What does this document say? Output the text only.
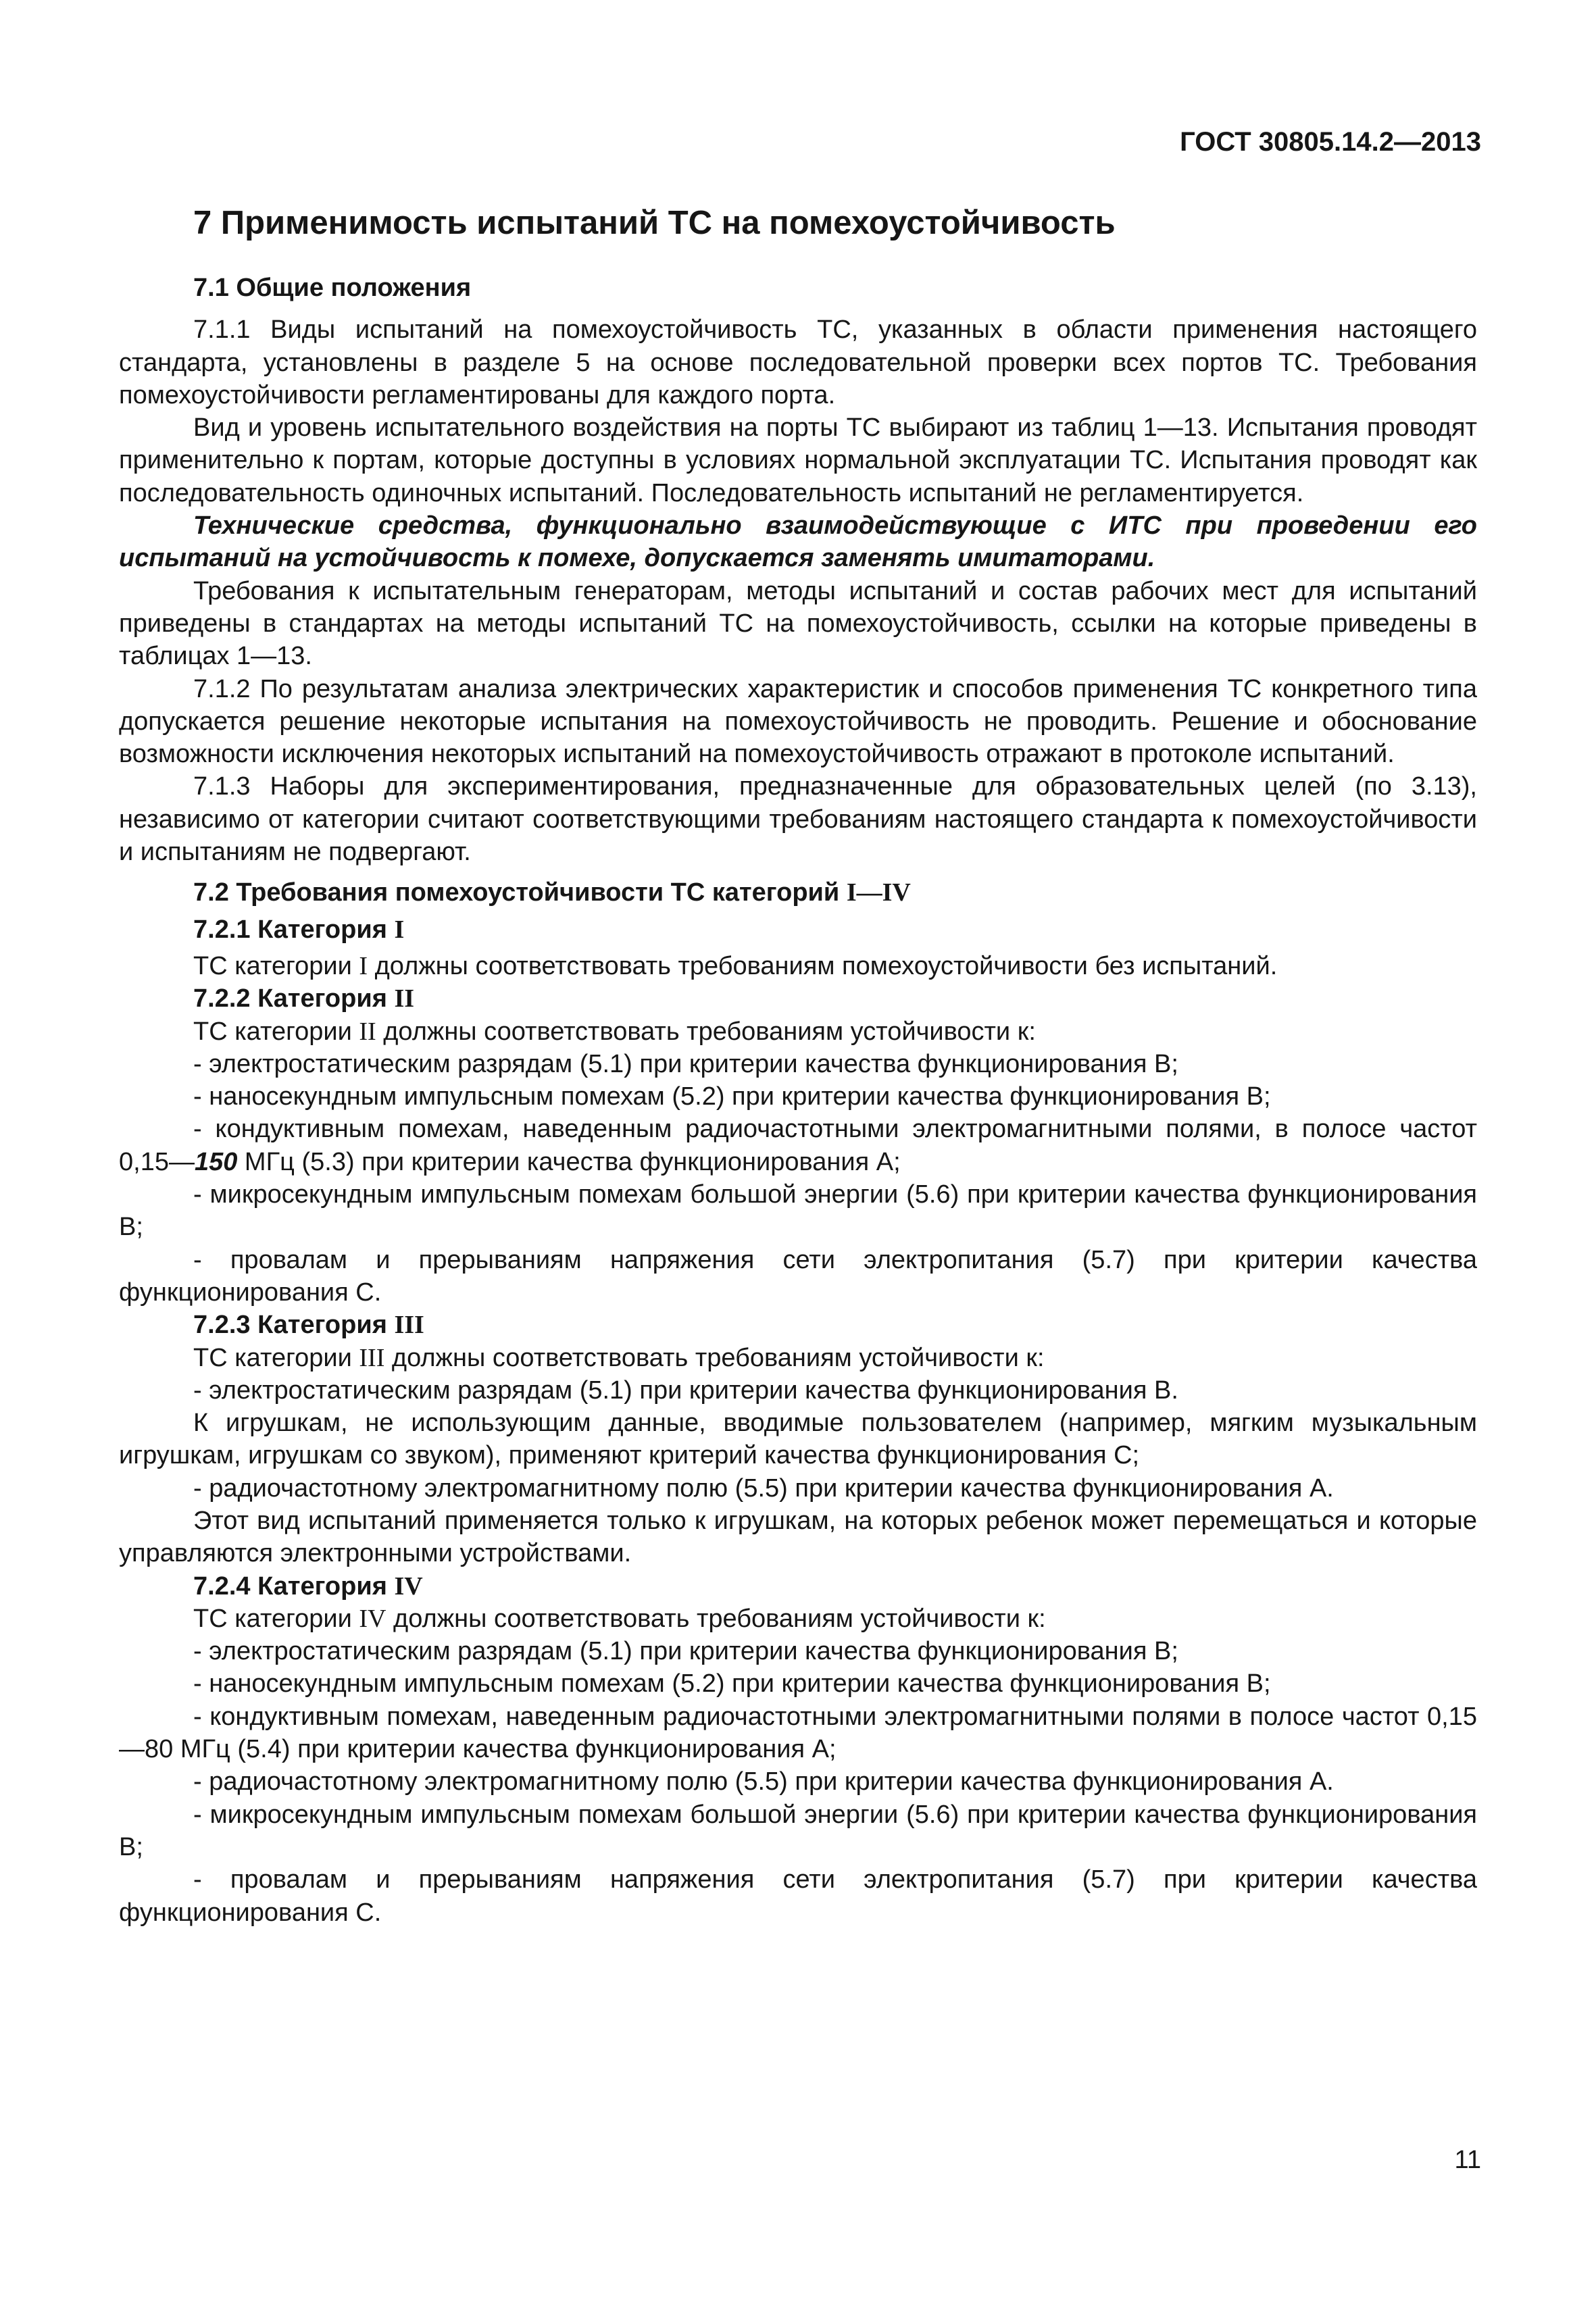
ГОСТ 30805.14.2—2013

7 Применимость испытаний ТС на помехоустойчивость

7.1 Общие положения

7.1.1 Виды испытаний на помехоустойчивость ТС, указанных в области применения настоящего стандарта, установлены в разделе 5 на основе последовательной проверки всех портов ТС. Требования помехоустойчивости регламентированы для каждого порта.

Вид и уровень испытательного воздействия на порты ТС выбирают из таблиц 1—13. Испытания проводят применительно к портам, которые доступны в условиях нормальной эксплуатации ТС. Испытания проводят как последовательность одиночных испытаний. Последовательность испытаний не регламентируется.

Технические средства, функционально взаимодействующие с ИТС при проведении его испытаний на устойчивость к помехе, допускается заменять имитаторами.

Требования к испытательным генераторам, методы испытаний и состав рабочих мест для испытаний приведены в стандартах на методы испытаний ТС на помехоустойчивость, ссылки на которые приведены в таблицах 1—13.

7.1.2 По результатам анализа электрических характеристик и способов применения ТС конкретного типа допускается решение некоторые испытания на помехоустойчивость не проводить. Решение и обоснование возможности исключения некоторых испытаний на помехоустойчивость отражают в протоколе испытаний.

7.1.3 Наборы для экспериментирования, предназначенные для образовательных целей (по 3.13), независимо от категории считают соответствующими требованиям настоящего стандарта к помехоустойчивости и испытаниям не подвергают.

7.2 Требования помехоустойчивости ТС категорий I—IV

7.2.1 Категория I

ТС категории I должны соответствовать требованиям помехоустойчивости без испытаний.

7.2.2 Категория II

ТС категории II должны соответствовать требованиям устойчивости к:

- электростатическим разрядам (5.1) при критерии качества функционирования В;

- наносекундным импульсным помехам (5.2) при критерии качества функционирования В;

- кондуктивным помехам, наведенным радиочастотными электромагнитными полями, в полосе частот 0,15—150 МГц (5.3) при критерии качества функционирования А;

- микросекундным импульсным помехам большой энергии (5.6) при критерии качества функционирования В;

- провалам и прерываниям напряжения сети электропитания (5.7) при критерии качества функционирования С.

7.2.3 Категория III

ТС категории III должны соответствовать требованиям устойчивости к:

- электростатическим разрядам (5.1) при критерии качества функционирования В.

К игрушкам, не использующим данные, вводимые пользователем (например, мягким музыкальным игрушкам, игрушкам со звуком), применяют критерий качества функционирования С;

- радиочастотному электромагнитному полю (5.5) при критерии качества функционирования А.

Этот вид испытаний применяется только к игрушкам, на которых ребенок может перемещаться и которые управляются электронными устройствами.

7.2.4 Категория IV

ТС категории IV должны соответствовать требованиям устойчивости к:

- электростатическим разрядам (5.1) при критерии качества функционирования В;

- наносекундным импульсным помехам (5.2) при критерии качества функционирования В;

- кондуктивным помехам, наведенным радиочастотными электромагнитными полями в полосе частот 0,15—80 МГц (5.4) при критерии качества функционирования А;

- радиочастотному электромагнитному полю (5.5) при критерии качества функционирования А.

- микросекундным импульсным помехам большой энергии (5.6) при критерии качества функционирования В;

- провалам и прерываниям напряжения сети электропитания (5.7) при критерии качества функционирования С.

11
